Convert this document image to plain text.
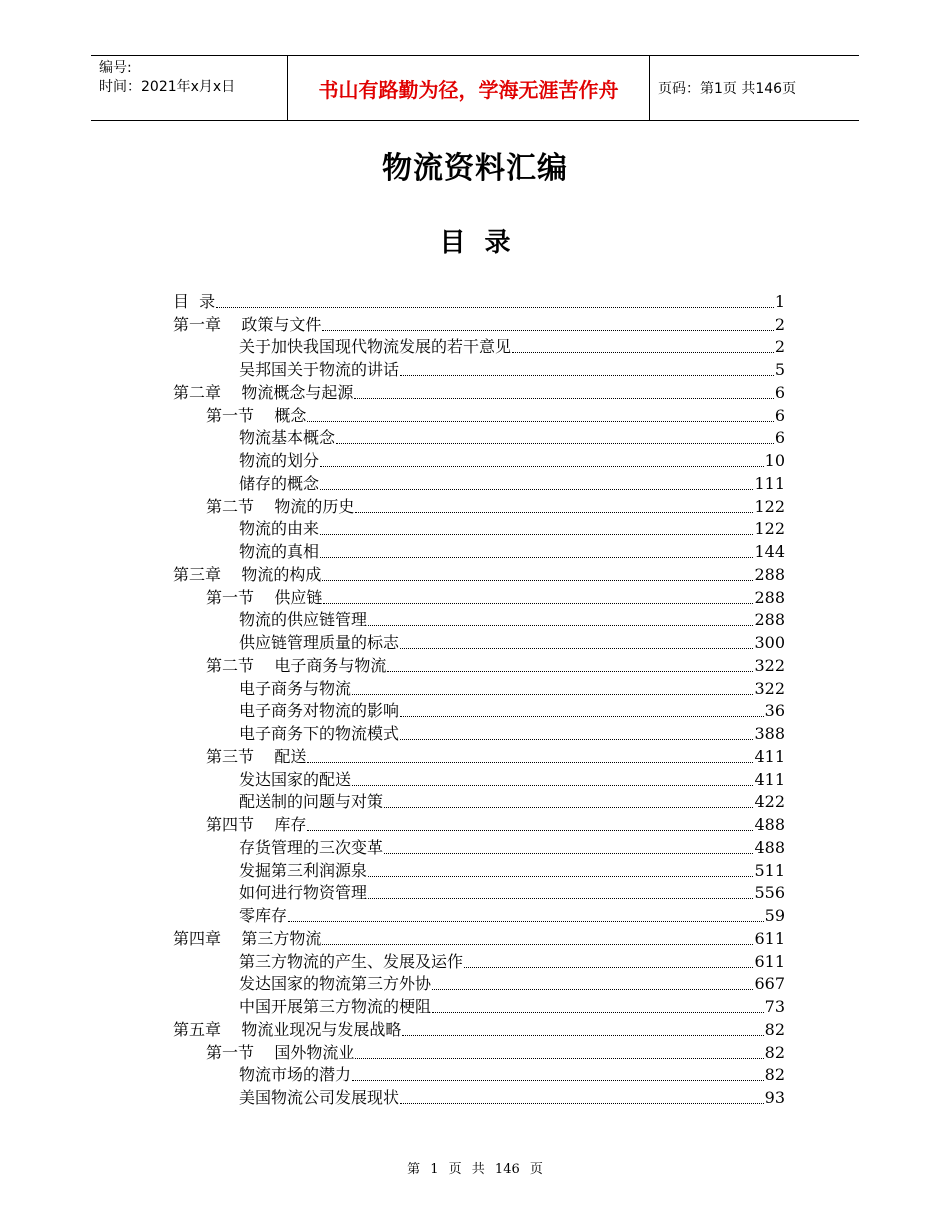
编号:
时间：2021年x月x日	书山有路勤为径，学海无涯苦作舟	页码：第1页 共146页
物流资料汇编
目 录
目  录	1
第一章    政策与文件	2
关于加快我国现代物流发展的若干意见	2
吴邦国关于物流的讲话	5
第二章    物流概念与起源	6
第一节    概念	6
物流基本概念	6
物流的划分	10
储存的概念	111
第二节    物流的历史	122
物流的由来	122
物流的真相	144
第三章    物流的构成	288
第一节    供应链	288
物流的供应链管理	288
供应链管理质量的标志	300
第二节    电子商务与物流	322
电子商务与物流	322
电子商务对物流的影响	36
电子商务下的物流模式	388
第三节    配送	411
发达国家的配送	411
配送制的问题与对策	422
第四节    库存	488
存货管理的三次变革	488
发掘第三利润源泉	511
如何进行物资管理	556
零库存	59
第四章    第三方物流	611
第三方物流的产生、发展及运作	611
发达国家的物流第三方外协	667
中国开展第三方物流的梗阻	73
第五章    物流业现况与发展战略	82
第一节    国外物流业	82
物流市场的潜力	82
美国物流公司发展现状	93
第 1 页 共 146 页
